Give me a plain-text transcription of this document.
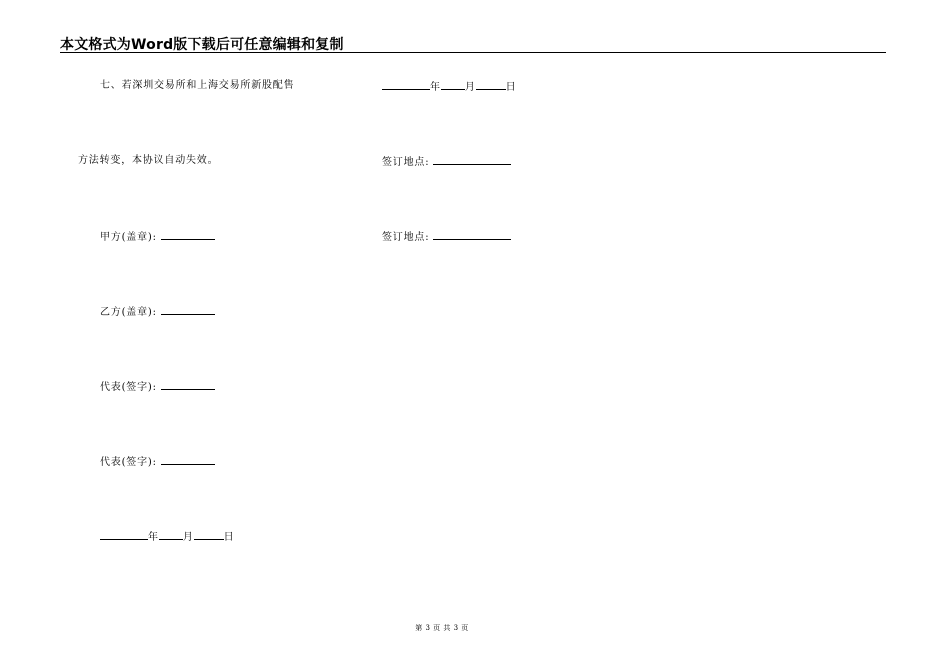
本文格式为Word版下载后可任意编辑和复制
七、若深圳交易所和上海交易所新股配售
方法转变，本协议自动失效。
甲方(盖章):
乙方(盖章):
代表(签字):
代表(签字):
年 月	日
年 月	日
签订地点:
签订地点:
第 3 页 共 3 页
